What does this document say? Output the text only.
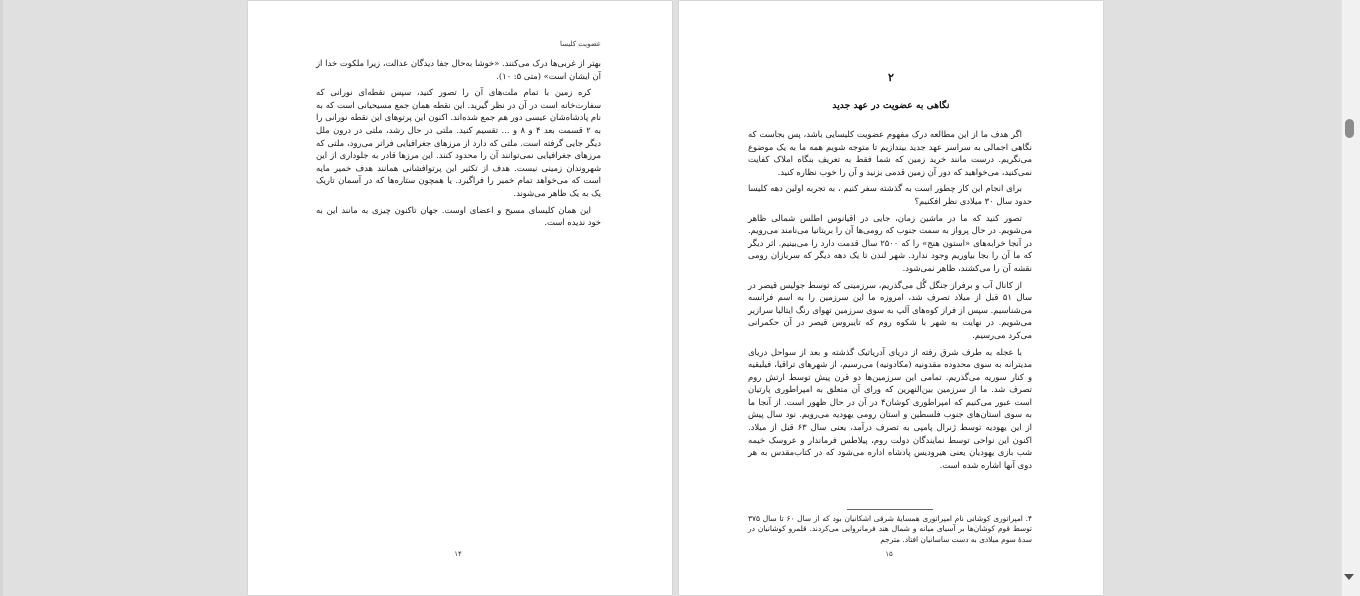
عضویت کلیسا

بهتر از غربی‌ها درک می‌کنند. «خوشا به‌حال جفا دیدگان عدالت، زیرا ملکوت خدا از آن ایشان است» (متی ۵: ۱۰).

کره زمین با تمام ملت‌های آن را تصور کنید، سپس نقطه‌ای نورانی که سفارت‌خانه است در آن در نظر گیرید. این نقطه همان جمع مسیحیانی است که به نام پادشاه‌شان عیسی دور هم جمع شده‌اند. اکنون این پرتوهای این نقطه نورانی را به ۲ قسمت بعد ۴ و ۸ و ... تقسیم کنید. ملتی در حال رشد، ملتی در درون ملل دیگر جایی گرفته است. ملتی که دارد از مرزهای جغرافیایی فراتر می‌رود، ملتی که مرزهای جغرافیایی نمی‌توانند آن را محدود کنند. این مرزها قادر به جلوداری از این شهروندان زمینی نیست. هدف از تکثیر این پرتوافشانی همانند هدف خمیر مایه است که می‌خواهد تمام خمیر را فراگیرد. یا همچون ستاره‌ها که در آسمان تاریک یک به یک ظاهر می‌شوند.

این همان کلیسای مسیح و اعضای اوست. جهان تاکنون چیزی به مانند این به خود ندیده است.

۱۴
۲
نگاهی به عضویت در عهد جدید

اگر هدف ما از این مطالعه درک مفهوم عضویت کلیسایی باشد، پس بجاست که نگاهی اجمالی به سراسر عهد جدید بیندازیم تا متوجه شویم همه ما به یک موضوع می‌نگریم. درست مانند خرید زمین که شما فقط به تعریف بنگاه املاک کفایت نمی‌کنید، می‌خواهید که دور آن زمین قدمی بزنید و آن را خوب نظاره کنید.

برای انجام این کار چطور است به گذشته سفر کنیم ، به تجربه اولین دهه کلیسا حدود سال ۳۰ میلادی نظر افکنیم؟

تصور کنید که ما در ماشین زمان، جایی در اقیانوس اطلس شمالی ظاهر می‌شویم. در حال پرواز به سمت جنوب که رومی‌ها آن را بریتانیا می‌نامند می‌رویم. در آنجا خرابه‌های «استون هنج» را که ۲۵۰۰ سال قدمت دارد را می‌بینیم. اثر دیگر که ما آن را بجا بیاوریم وجود ندارد. شهر لندن تا یک دهه دیگر که سربازان رومی نقشه آن را می‌کشند، ظاهر نمی‌شود.

از کانال آب و برفراز جنگل گُل می‌گذریم، سرزمینی که توسط جولیس قیصر در سال ۵۱ قبل از میلاد تصرف شد، امروزه ما این سرزمین را به اسم فرانسه می‌شناسیم. سپس از فراز کوه‌های آلپ به سوی سرزمین تهوای رنگ ایتالیا سرازیر می‌شویم. در نهایت به شهر با شکوه روم که تایبروس قیصر در آن حکمرانی می‌کرد می‌رسیم.

با عجله به طرف شرق رفته از دریای آدریاتیک گذشته و بعد از سواحل دریای مدیترانه به سوی محدوده مقدونیه (مکادونیه) می‌رسیم، از شهرهای تراقیا، فیلیقیه و کنار سوریه می‌گذریم. تمامی این سرزمین‌ها دو قرن پیش توسط ارتش روم تصرف شد. ما از سرزمین بین‌النهرین که ورای آن متعلق به امپراطوری پارتیان است عبور می‌کنیم که امپراطوری کوشان۴ در آن در حال ظهور است. از آنجا ما به سوی استان‌های جنوب فلسطین و استان رومی یهودیه می‌رویم. نود سال پیش از این یهودیه توسط ژنرال پامپی به تصرف درآمد، یعنی سال ۶۳ قبل از میلاد. اکنون این نواحی توسط نمایندگان دولت روم، پیلاطس فرماندار و عروسک خیمه شب بازی یهودیان یعنی هیرودیس پادشاه اداره می‌شود که در کتاب‌مقدس به هر دوی آنها اشاره شده است.

۴. امپراتوری کوشانی نام امپراتوری همسایهٔ شرقی اشکانیان بود که از سال ۶۰ تا سال ۳۷۵ توسط قوم کوشان‌ها بر آسیای میانه و شمال هند فرمانروایی می‌کردند. قلمرو کوشانیان در سدهٔ سوم میلادی به دست ساسانیان افتاد. مترجم

۱۵
